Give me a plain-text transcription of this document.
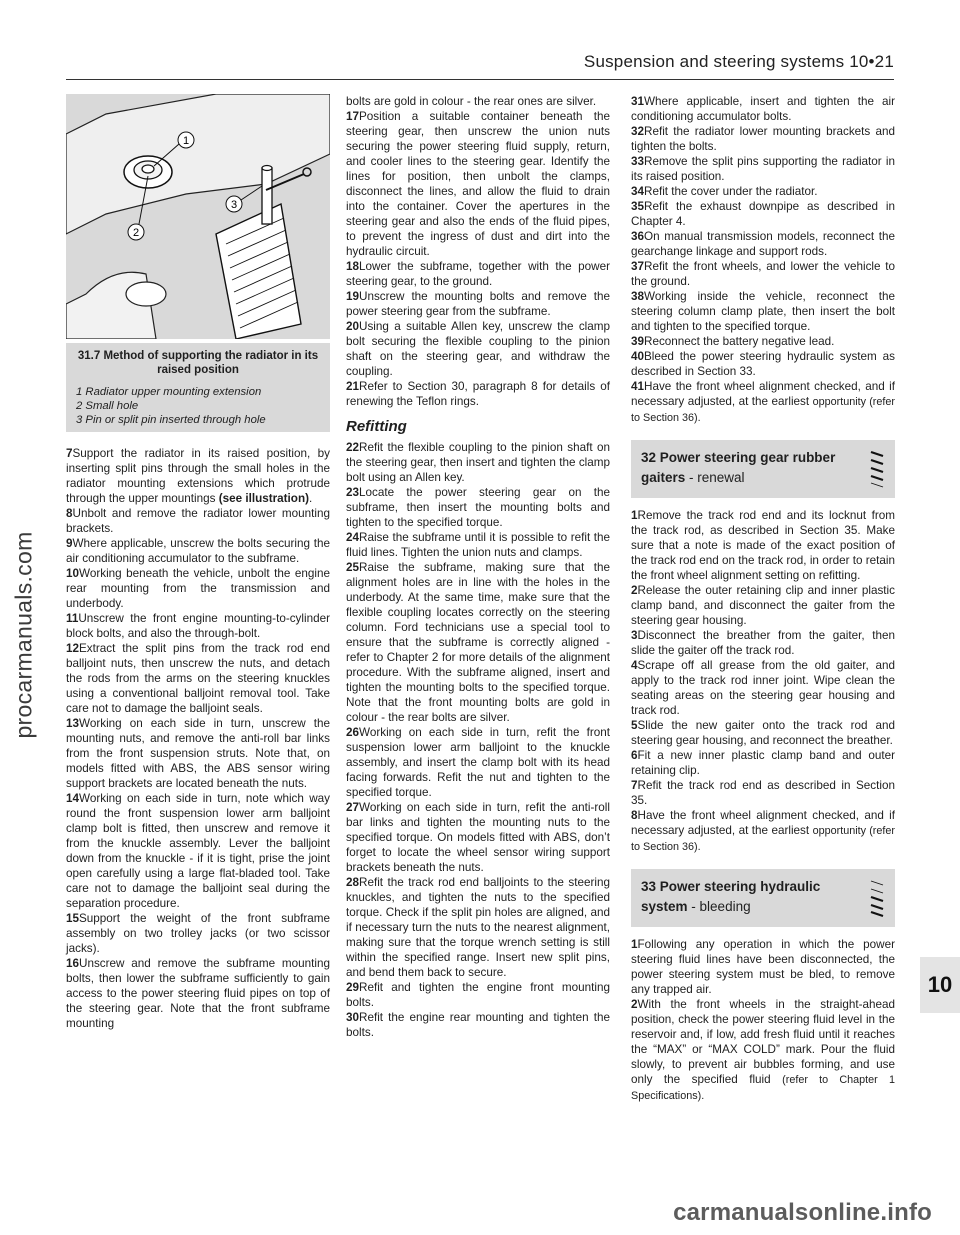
Suspension and steering systems 10•21
procarmanuals.com
10
carmanualsonline.info
1
2
3
31.7 Method of supporting the radiator in its raised position
1 Radiator upper mounting extension
2 Small hole
3 Pin or split pin inserted through hole

7Support the radiator in its raised position, by inserting split pins through the small holes in the radiator mounting extensions which protrude through the upper mountings (see illustration).

8Unbolt and remove the radiator lower mounting brackets.

9Where applicable, unscrew the bolts securing the air conditioning accumulator to the subframe.

10Working beneath the vehicle, unbolt the engine rear mounting from the transmission and underbody.

11Unscrew the front engine mounting-to-cylinder block bolts, and also the through-bolt.

12Extract the split pins from the track rod end balljoint nuts, then unscrew the nuts, and detach the rods from the arms on the steering knuckles using a conventional balljoint removal tool. Take care not to damage the balljoint seals.

13Working on each side in turn, unscrew the mounting nuts, and remove the anti-roll bar links from the front suspension struts. Note that, on models fitted with ABS, the ABS sensor wiring support brackets are located beneath the nuts.

14Working on each side in turn, note which way round the front suspension lower arm balljoint clamp bolt is fitted, then unscrew and remove it from the knuckle assembly. Lever the balljoint down from the knuckle - if it is tight, prise the joint open carefully using a large flat-bladed tool. Take care not to damage the balljoint seal during the separation procedure.

15Support the weight of the front subframe assembly on two trolley jacks (or two scissor jacks).

16Unscrew and remove the subframe mounting bolts, then lower the subframe sufficiently to gain access to the power steering fluid pipes on top of the steering gear. Note that the front subframe mounting

bolts are gold in colour - the rear ones are silver.

17Position a suitable container beneath the steering gear, then unscrew the union nuts securing the power steering fluid supply, return, and cooler lines to the steering gear. Identify the lines for position, then unbolt the clamps, disconnect the lines, and allow the fluid to drain into the container. Cover the apertures in the steering gear and also the ends of the fluid pipes, to prevent the ingress of dust and dirt into the hydraulic circuit.

18Lower the subframe, together with the power steering gear, to the ground.

19Unscrew the mounting bolts and remove the power steering gear from the subframe.

20Using a suitable Allen key, unscrew the clamp bolt securing the flexible coupling to the pinion shaft on the steering gear, and withdraw the coupling.

21Refer to Section 30, paragraph 8 for details of renewing the Teflon rings.

Refitting

22Refit the flexible coupling to the pinion shaft on the steering gear, then insert and tighten the clamp bolt using an Allen key.

23Locate the power steering gear on the subframe, then insert the mounting bolts and tighten to the specified torque.

24Raise the subframe until it is possible to refit the fluid lines. Tighten the union nuts and clamps.

25Raise the subframe, making sure that the alignment holes are in line with the holes in the underbody. At the same time, make sure that the flexible coupling locates correctly on the steering column. Ford technicians use a special tool to ensure that the subframe is correctly aligned - refer to Chapter 2 for more details of the alignment procedure. With the subframe aligned, insert and tighten the mounting bolts to the specified torque. Note that the front mounting bolts are gold in colour - the rear bolts are silver.

26Working on each side in turn, refit the front suspension lower arm balljoint to the knuckle assembly, and insert the clamp bolt with its head facing forwards. Refit the nut and tighten to the specified torque.

27Working on each side in turn, refit the anti-roll bar links and tighten the mounting nuts to the specified torque. On models fitted with ABS, don’t forget to locate the wheel sensor wiring support brackets beneath the nuts.

28Refit the track rod end balljoints to the steering knuckles, and tighten the nuts to the specified torque. Check if the split pin holes are aligned, and if necessary turn the nuts to the nearest alignment, making sure that the torque wrench setting is still within the specified range. Insert new split pins, and bend them back to secure.

29Refit and tighten the engine front mounting bolts.

30Refit the engine rear mounting and tighten the bolts.

31Where applicable, insert and tighten the air conditioning accumulator bolts.

32Refit the radiator lower mounting brackets and tighten the bolts.

33Remove the split pins supporting the radiator in its raised position.

34Refit the cover under the radiator.

35Refit the exhaust downpipe as described in Chapter 4.

36On manual transmission models, reconnect the gearchange linkage and support rods.

37Refit the front wheels, and lower the vehicle to the ground.

38Working inside the vehicle, reconnect the steering column clamp plate, then insert the bolt and tighten to the specified torque.

39Reconnect the battery negative lead.

40Bleed the power steering hydraulic system as described in Section 33.

41Have the front wheel alignment checked, and if necessary adjusted, at the earliest opportunity (refer to Section 36).

32 Power steering gear rubber gaiters - renewal

1Remove the track rod end and its locknut from the track rod, as described in Section 35. Make sure that a note is made of the exact position of the track rod end on the track rod, in order to retain the front wheel alignment setting on refitting.

2Release the outer retaining clip and inner plastic clamp band, and disconnect the gaiter from the steering gear housing.

3Disconnect the breather from the gaiter, then slide the gaiter off the track rod.

4Scrape off all grease from the old gaiter, and apply to the track rod inner joint. Wipe clean the seating areas on the steering gear housing and track rod.

5Slide the new gaiter onto the track rod and steering gear housing, and reconnect the breather.

6Fit a new inner plastic clamp band and outer retaining clip.

7Refit the track rod end as described in Section 35.

8Have the front wheel alignment checked, and if necessary adjusted, at the earliest opportunity (refer to Section 36).

33 Power steering hydraulic system - bleeding

1Following any operation in which the power steering fluid lines have been disconnected, the power steering system must be bled, to remove any trapped air.

2With the front wheels in the straight-ahead position, check the power steering fluid level in the reservoir and, if low, add fresh fluid until it reaches the “MAX” or “MAX COLD” mark. Pour the fluid slowly, to prevent air bubbles forming, and use only the specified fluid (refer to Chapter 1 Specifications).
